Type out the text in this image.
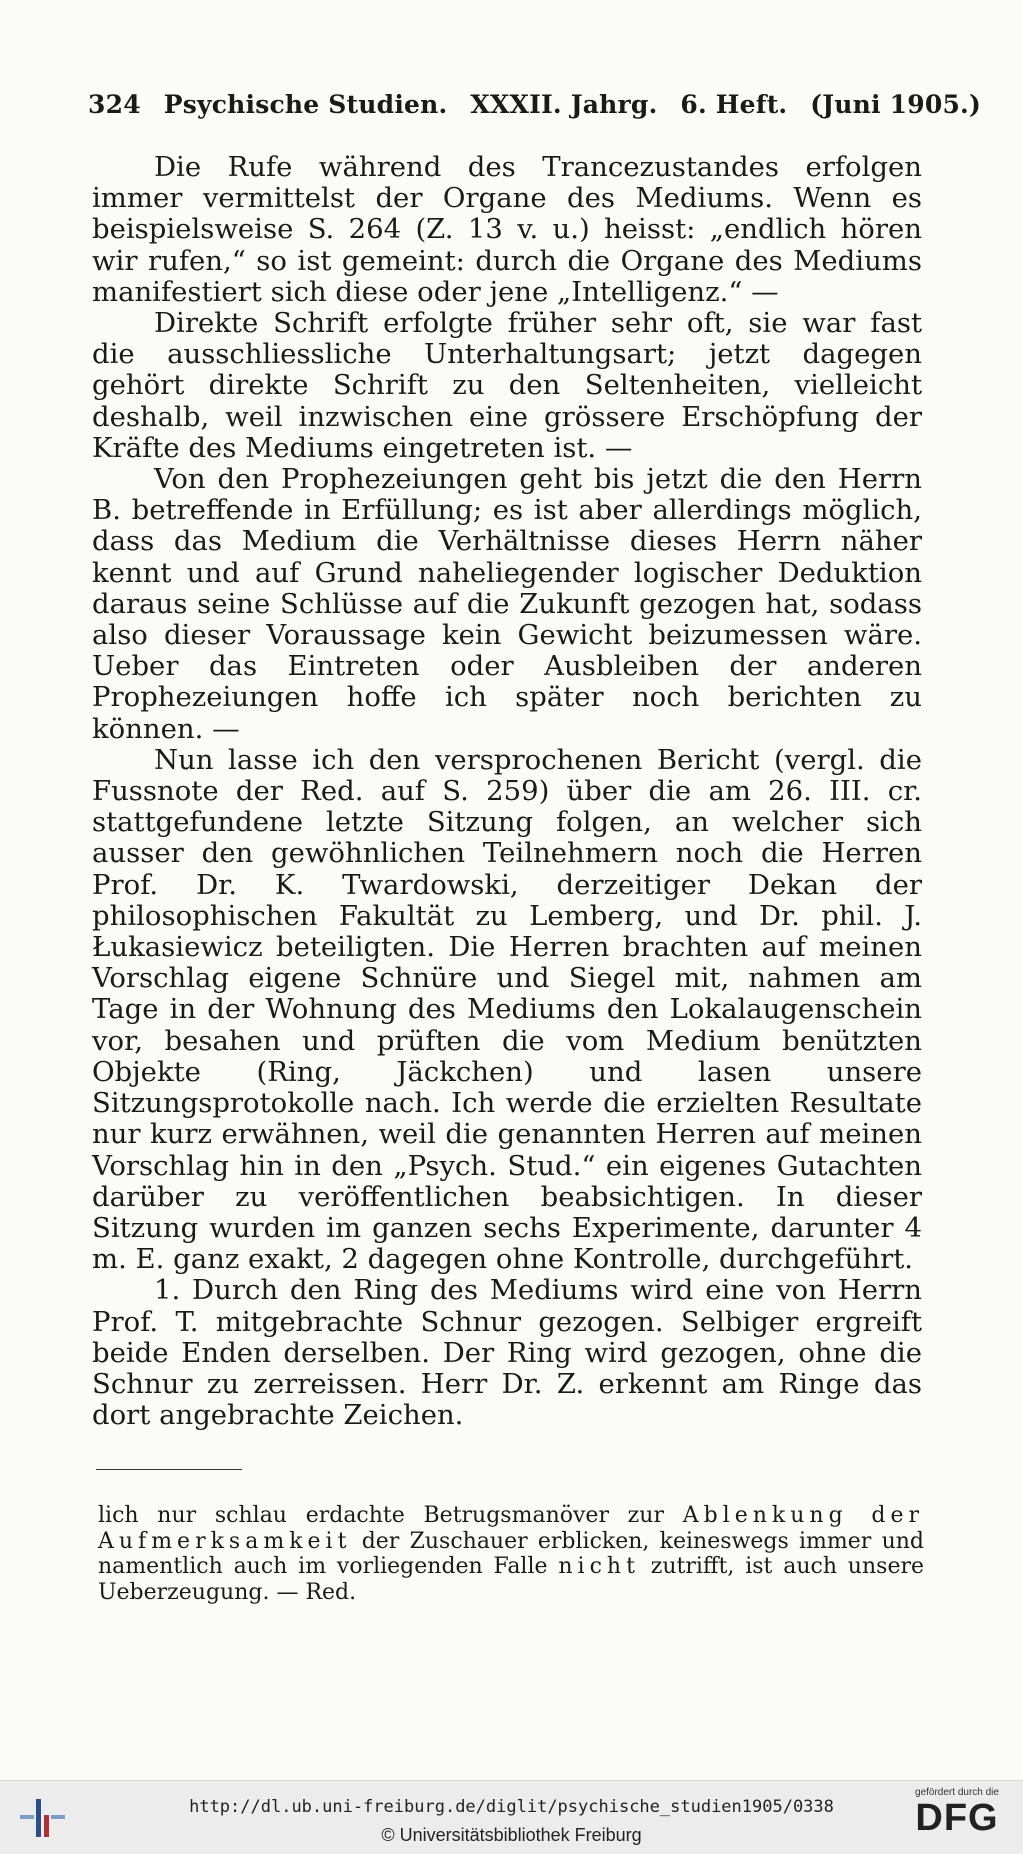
324 Psychische Studien. XXXII. Jahrg. 6. Heft. (Juni 1905.)

Die Rufe während des Trancezustandes erfolgen immer vermittelst der Organe des Mediums. Wenn es beispielsweise S. 264 (Z. 13 v. u.) heisst: „endlich hören wir rufen,“ so ist gemeint: durch die Organe des Mediums manifestiert sich diese oder jene „Intelligenz.“ —

Direkte Schrift erfolgte früher sehr oft, sie war fast die ausschliessliche Unterhaltungsart; jetzt dagegen gehört direkte Schrift zu den Seltenheiten, vielleicht deshalb, weil inzwischen eine grössere Erschöpfung der Kräfte des Mediums eingetreten ist. —

Von den Prophezeiungen geht bis jetzt die den Herrn B. betreffende in Erfüllung; es ist aber allerdings möglich, dass das Medium die Verhältnisse dieses Herrn näher kennt und auf Grund naheliegender logischer Deduktion daraus seine Schlüsse auf die Zukunft gezogen hat, sodass also dieser Voraussage kein Gewicht beizumessen wäre. Ueber das Eintreten oder Ausbleiben der anderen Prophezeiungen hoffe ich später noch berichten zu können. —

Nun lasse ich den versprochenen Bericht (vergl. die Fussnote der Red. auf S. 259) über die am 26. III. cr. stattgefundene letzte Sitzung folgen, an welcher sich ausser den gewöhnlichen Teilnehmern noch die Herren Prof. Dr. K. Twardowski, derzeitiger Dekan der philosophischen Fakultät zu Lemberg, und Dr. phil. J. Łukasiewicz beteiligten. Die Herren brachten auf meinen Vorschlag eigene Schnüre und Siegel mit, nahmen am Tage in der Wohnung des Mediums den Lokalaugenschein vor, besahen und prüften die vom Medium benützten Objekte (Ring, Jäckchen) und lasen unsere Sitzungsprotokolle nach. Ich werde die erzielten Resultate nur kurz erwähnen, weil die genannten Herren auf meinen Vorschlag hin in den „Psych. Stud.“ ein eigenes Gutachten darüber zu veröffentlichen beabsichtigen. In dieser Sitzung wurden im ganzen sechs Experimente, darunter 4 m. E. ganz exakt, 2 dagegen ohne Kontrolle, durchgeführt.

1. Durch den Ring des Mediums wird eine von Herrn Prof. T. mitgebrachte Schnur gezogen. Selbiger ergreift beide Enden derselben. Der Ring wird gezogen, ohne die Schnur zu zerreissen. Herr Dr. Z. erkennt am Ringe das dort angebrachte Zeichen.

lich nur schlau erdachte Betrugsmanöver zur Ablenkung der Aufmerksamkeit der Zuschauer erblicken, keineswegs immer und namentlich auch im vorliegenden Falle nicht zutrifft, ist auch unsere Ueberzeugung. — Red.

http://dl.ub.uni-freiburg.de/diglit/psychische_studien1905/0338
© Universitätsbibliothek Freiburg
gefördert durch die
DFG
